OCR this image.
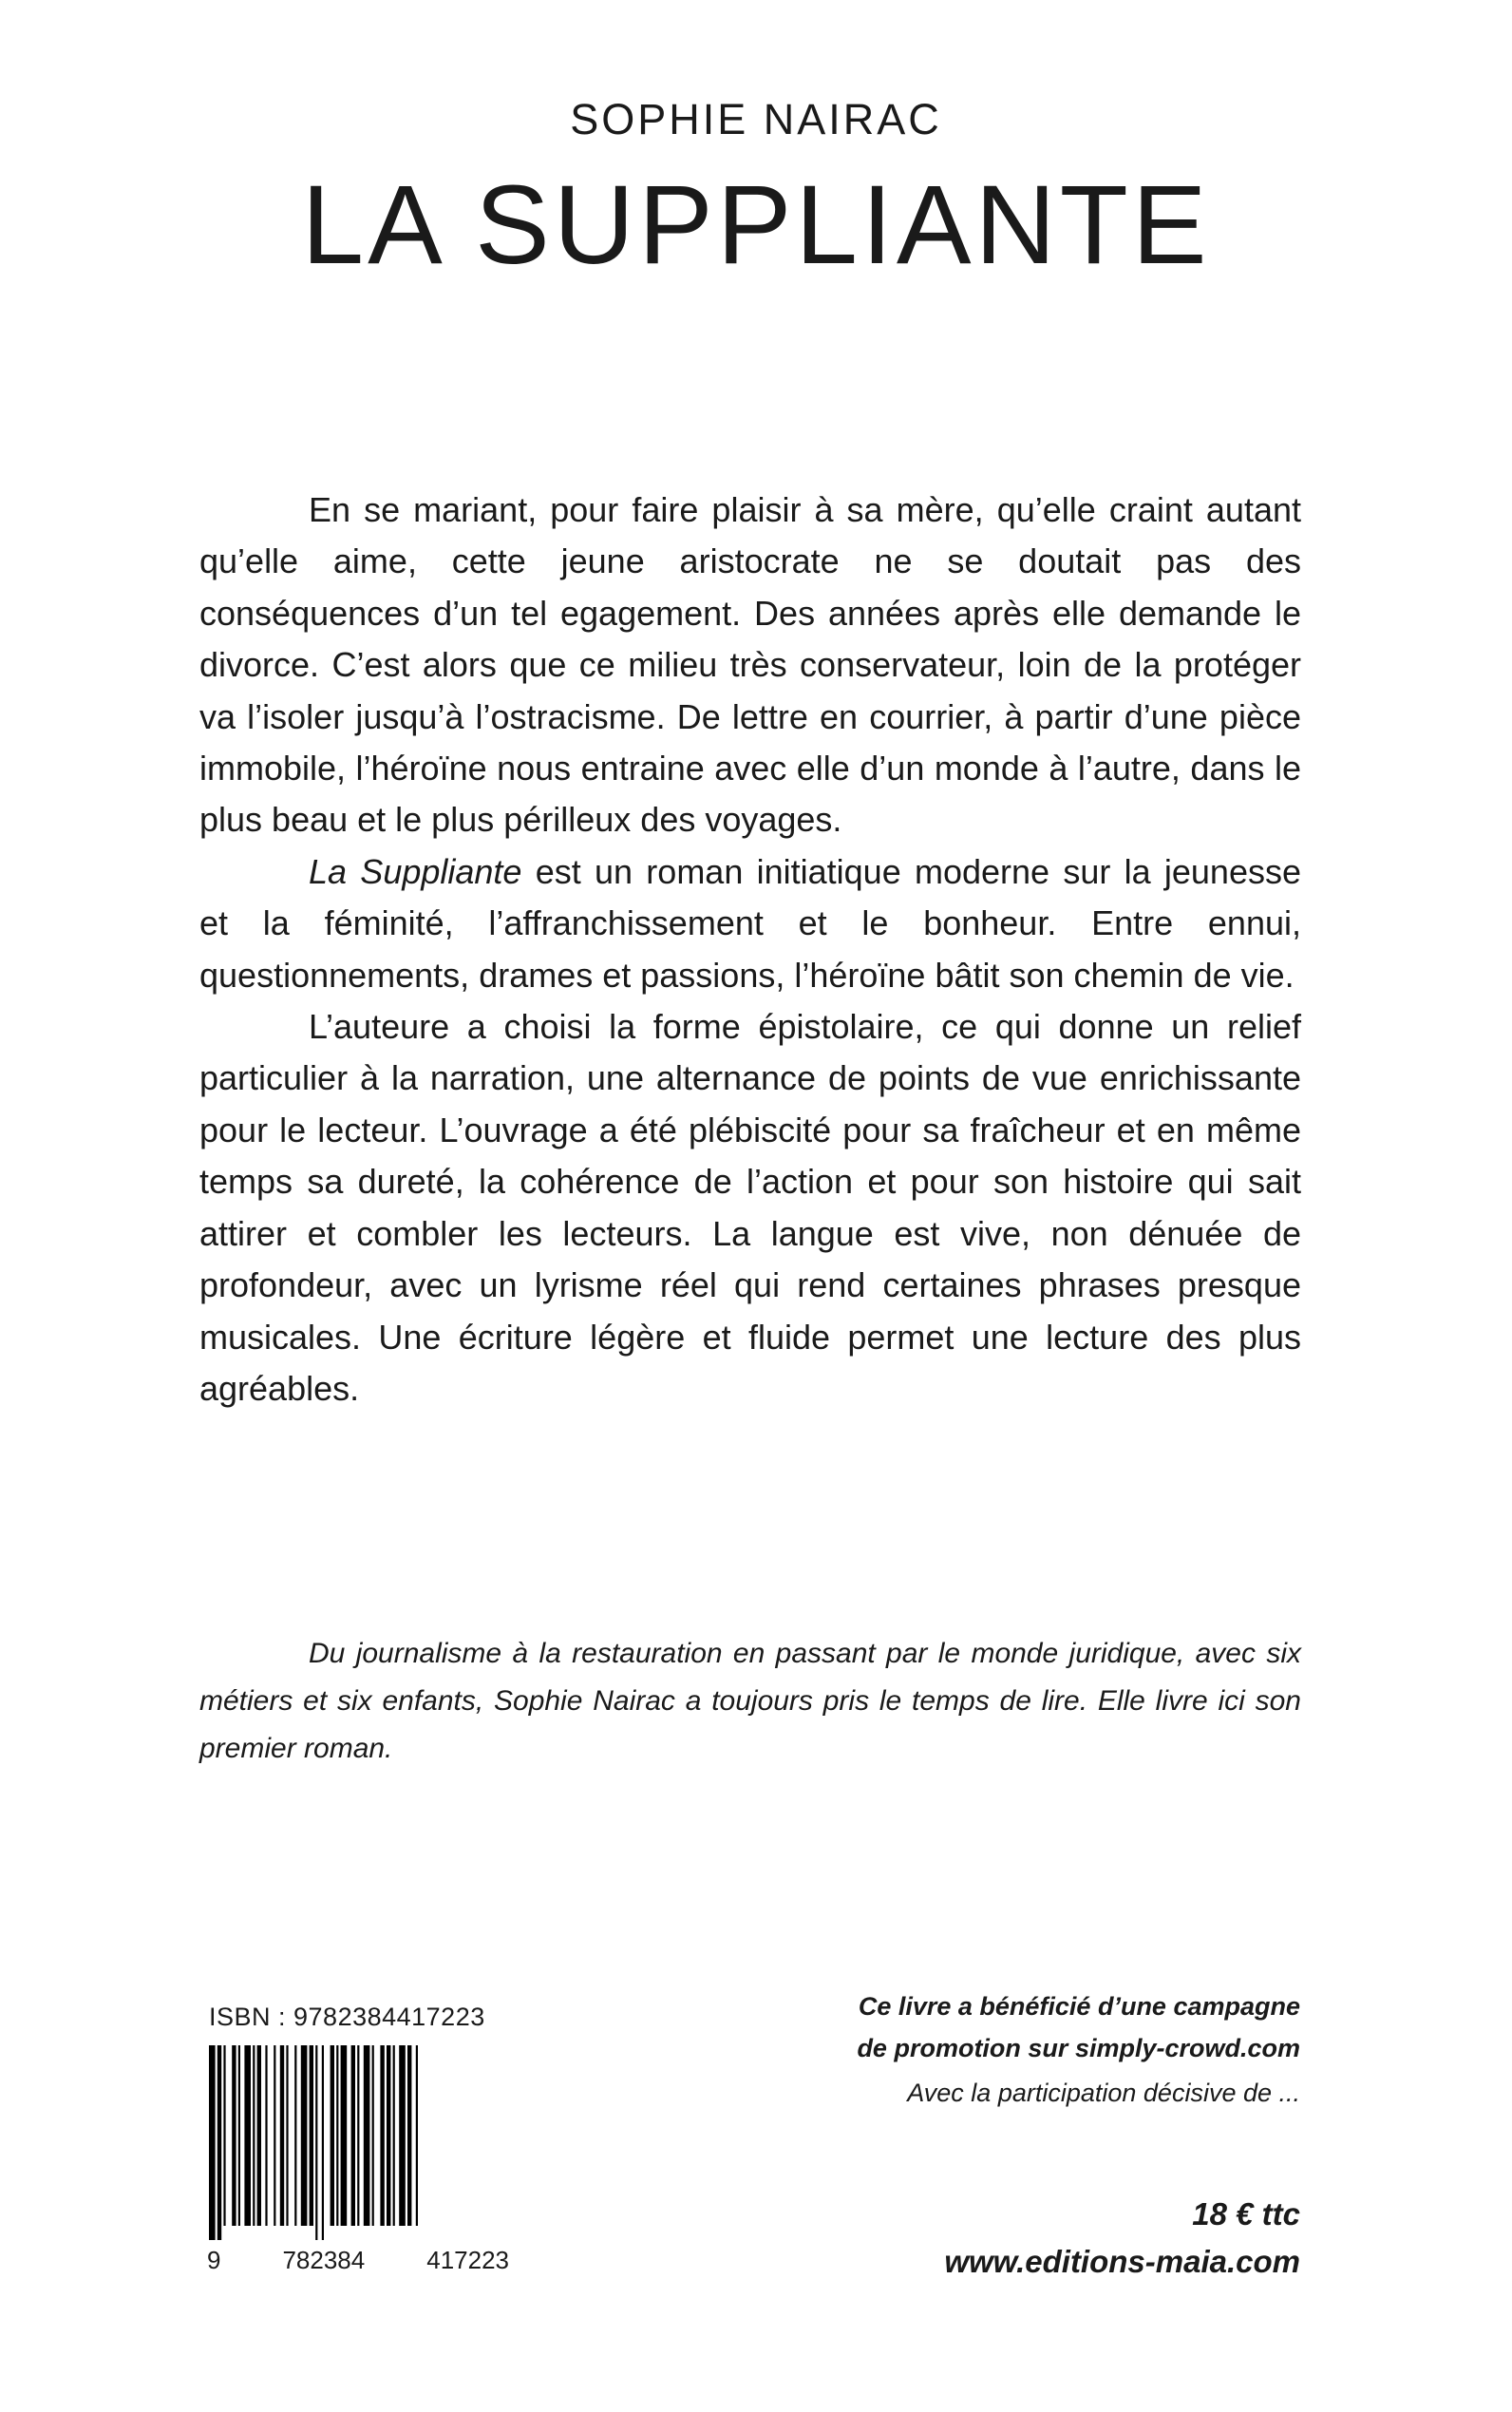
SOPHIE NAIRAC
LA SUPPLIANTE

En se mariant, pour faire plaisir à sa mère, qu’elle craint autant qu’elle aime, cette jeune aristocrate ne se doutait pas des conséquences d’un tel egagement. Des années après elle demande le divorce. C’est alors que ce milieu très conservateur, loin de la protéger va l’isoler jusqu’à l’ostracisme. De lettre en courrier, à partir d’une pièce immobile, l’héroïne nous entraine avec elle d’un monde à l’autre, dans le plus beau et le plus périlleux des voyages.

La Suppliante est un roman initiatique moderne sur la jeunesse et la féminité, l’affranchissement et le bonheur. Entre ennui, questionnements, drames et passions, l’héroïne bâtit son chemin de vie.

L’auteure a choisi la forme épistolaire, ce qui donne un relief particulier à la narration, une alternance de points de vue enrichissante pour le lecteur. L’ouvrage a été plébiscité pour sa fraîcheur et en même temps sa dureté, la cohérence de l’action et pour son histoire qui sait attirer et combler les lecteurs. La langue est vive, non dénuée de profondeur, avec un lyrisme réel qui rend certaines phrases presque musicales. Une écriture légère et fluide permet une lecture des plus agréables.

Du journalisme à la restauration en passant par le monde juridique, avec six métiers et six enfants, Sophie Nairac a toujours pris le temps de lire. Elle livre ici son premier roman.

ISBN : 9782384417223
9	782384	417223

Ce livre a bénéficié d’une campagne

de promotion sur simply-crowd.com

Avec la participation décisive de ...
18 € ttc
www.editions-maia.com
